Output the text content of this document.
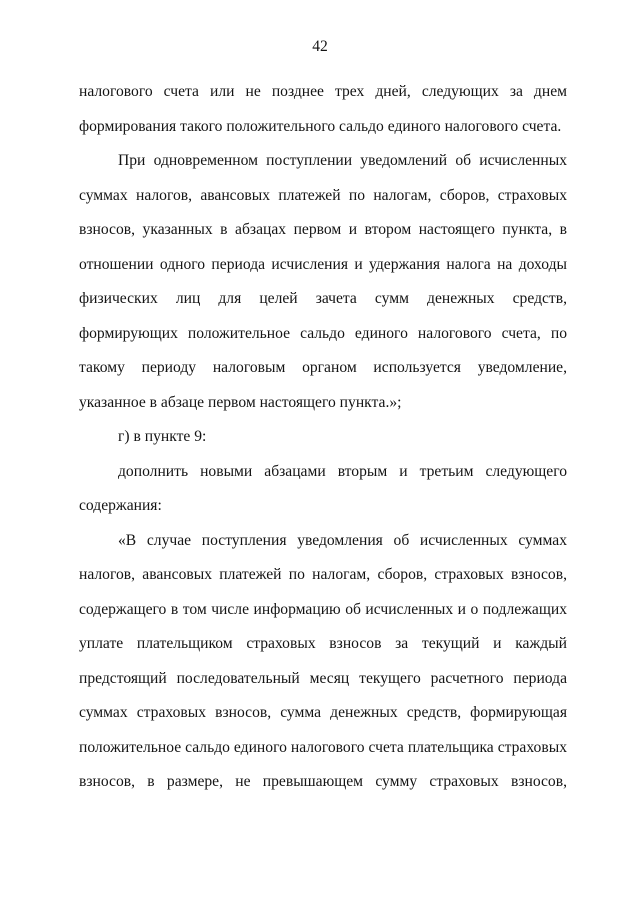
42

налогового счета или не позднее трех дней, следующих за днем формирования такого положительного сальдо единого налогового счета.

При одновременном поступлении уведомлений об исчисленных суммах налогов, авансовых платежей по налогам, сборов, страховых взносов, указанных в абзацах первом и втором настоящего пункта, в отношении одного периода исчисления и удержания налога на доходы физических лиц для целей зачета сумм денежных средств, формирующих положительное сальдо единого налогового счета, по такому периоду налоговым органом используется уведомление, указанное в абзаце первом настоящего пункта.»;

г) в пункте 9:

дополнить новыми абзацами вторым и третьим следующего содержания:

«В случае поступления уведомления об исчисленных суммах налогов, авансовых платежей по налогам, сборов, страховых взносов, содержащего в том числе информацию об исчисленных и о подлежащих уплате плательщиком страховых взносов за текущий и каждый предстоящий последовательный месяц текущего расчетного периода суммах страховых взносов, сумма денежных средств, формирующая положительное сальдо единого налогового счета плательщика страховых взносов, в размере, не превышающем сумму страховых взносов,
